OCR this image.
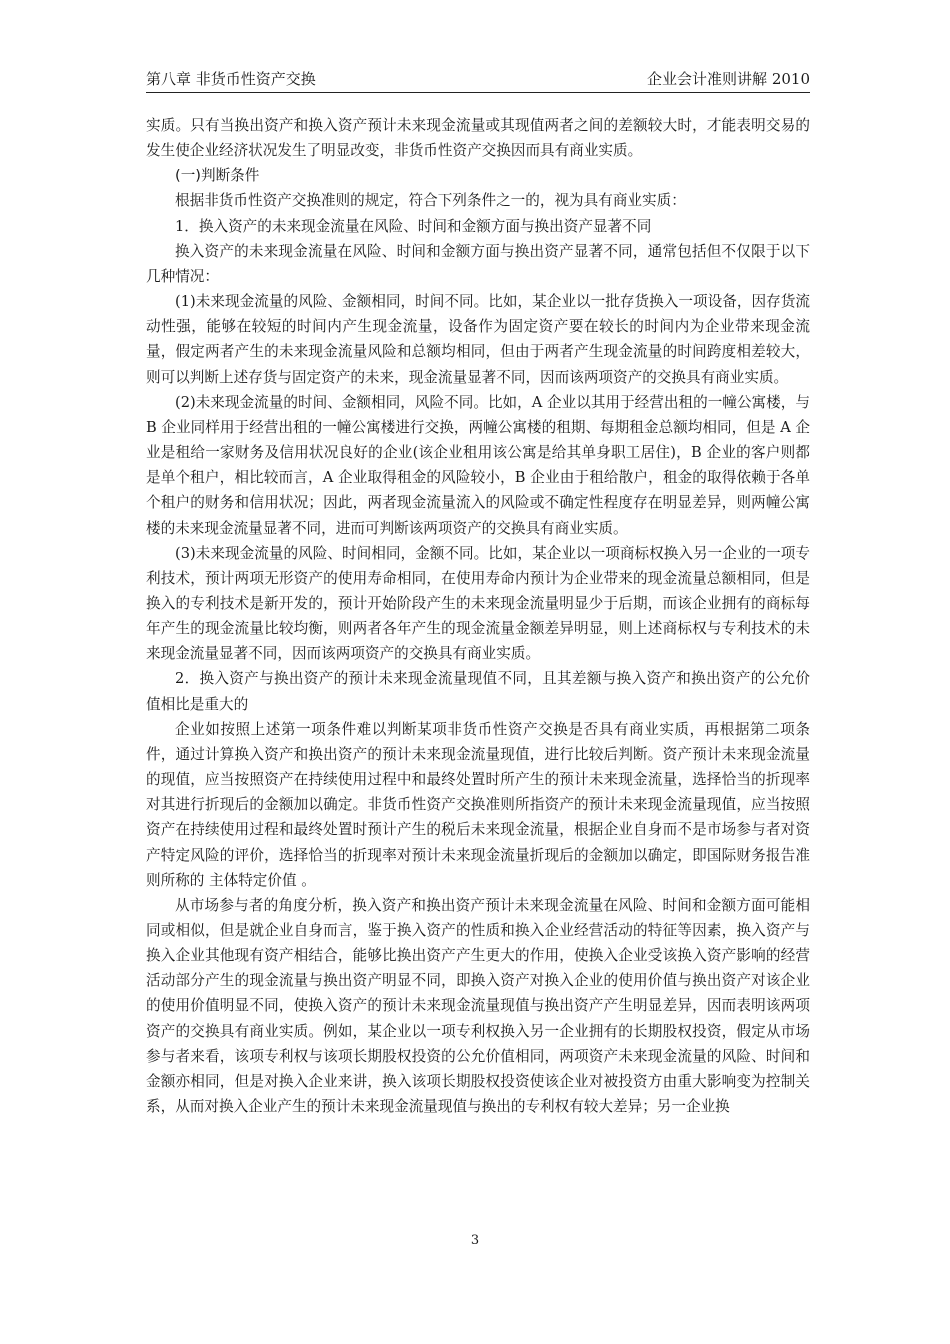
第八章 非货币性资产交换	企业会计准则讲解 2010

实质。只有当换出资产和换入资产预计未来现金流量或其现值两者之间的差额较大时，才能表明交易的发生使企业经济状况发生了明显改变，非货币性资产交换因而具有商业实质。

(一)判断条件

根据非货币性资产交换准则的规定，符合下列条件之一的，视为具有商业实质：

1．换入资产的未来现金流量在风险、时间和金额方面与换出资产显著不同

换入资产的未来现金流量在风险、时间和金额方面与换出资产显著不同，通常包括但不仅限于以下几种情况：

(1)未来现金流量的风险、金额相同，时间不同。比如，某企业以一批存货换入一项设备，因存货流动性强，能够在较短的时间内产生现金流量，设备作为固定资产要在较长的时间内为企业带来现金流量，假定两者产生的未来现金流量风险和总额均相同，但由于两者产生现金流量的时间跨度相差较大，则可以判断上述存货与固定资产的未来，现金流量显著不同，因而该两项资产的交换具有商业实质。

(2)未来现金流量的时间、金额相同，风险不同。比如，A 企业以其用于经营出租的一幢公寓楼，与 B 企业同样用于经营出租的一幢公寓楼进行交换，两幢公寓楼的租期、每期租金总额均相同，但是 A 企业是租给一家财务及信用状况良好的企业(该企业租用该公寓是给其单身职工居住)，B 企业的客户则都是单个租户，相比较而言，A 企业取得租金的风险较小，B 企业由于租给散户，租金的取得依赖于各单个租户的财务和信用状况；因此，两者现金流量流入的风险或不确定性程度存在明显差异，则两幢公寓楼的未来现金流量显著不同，进而可判断该两项资产的交换具有商业实质。

(3)未来现金流量的风险、时间相同，金额不同。比如，某企业以一项商标权换入另一企业的一项专利技术，预计两项无形资产的使用寿命相同，在使用寿命内预计为企业带来的现金流量总额相同，但是换入的专利技术是新开发的，预计开始阶段产生的未来现金流量明显少于后期，而该企业拥有的商标每年产生的现金流量比较均衡，则两者各年产生的现金流量金额差异明显，则上述商标权与专利技术的未来现金流量显著不同，因而该两项资产的交换具有商业实质。

2．换入资产与换出资产的预计未来现金流量现值不同，且其差额与换入资产和换出资产的公允价值相比是重大的

企业如按照上述第一项条件难以判断某项非货币性资产交换是否具有商业实质，再根据第二项条件，通过计算换入资产和换出资产的预计未来现金流量现值，进行比较后判断。资产预计未来现金流量的现值，应当按照资产在持续使用过程中和最终处置时所产生的预计未来现金流量，选择恰当的折现率对其进行折现后的金额加以确定。非货币性资产交换准则所指资产的预计未来现金流量现值，应当按照资产在持续使用过程和最终处置时预计产生的税后未来现金流量，根据企业自身而不是市场参与者对资产特定风险的评价，选择恰当的折现率对预计未来现金流量折现后的金额加以确定，即国际财务报告准则所称的 主体特定价值 。

从市场参与者的角度分析，换入资产和换出资产预计未来现金流量在风险、时间和金额方面可能相同或相似，但是就企业自身而言，鉴于换入资产的性质和换入企业经营活动的特征等因素，换入资产与换入企业其他现有资产相结合，能够比换出资产产生更大的作用，使换入企业受该换入资产影响的经营活动部分产生的现金流量与换出资产明显不同，即换入资产对换入企业的使用价值与换出资产对该企业的使用价值明显不同，使换入资产的预计未来现金流量现值与换出资产产生明显差异，因而表明该两项资产的交换具有商业实质。例如，某企业以一项专利权换入另一企业拥有的长期股权投资，假定从市场参与者来看，该项专利权与该项长期股权投资的公允价值相同，两项资产未来现金流量的风险、时间和金额亦相同，但是对换入企业来讲，换入该项长期股权投资使该企业对被投资方由重大影响变为控制关系，从而对换入企业产生的预计未来现金流量现值与换出的专利权有较大差异；另一企业换

3
